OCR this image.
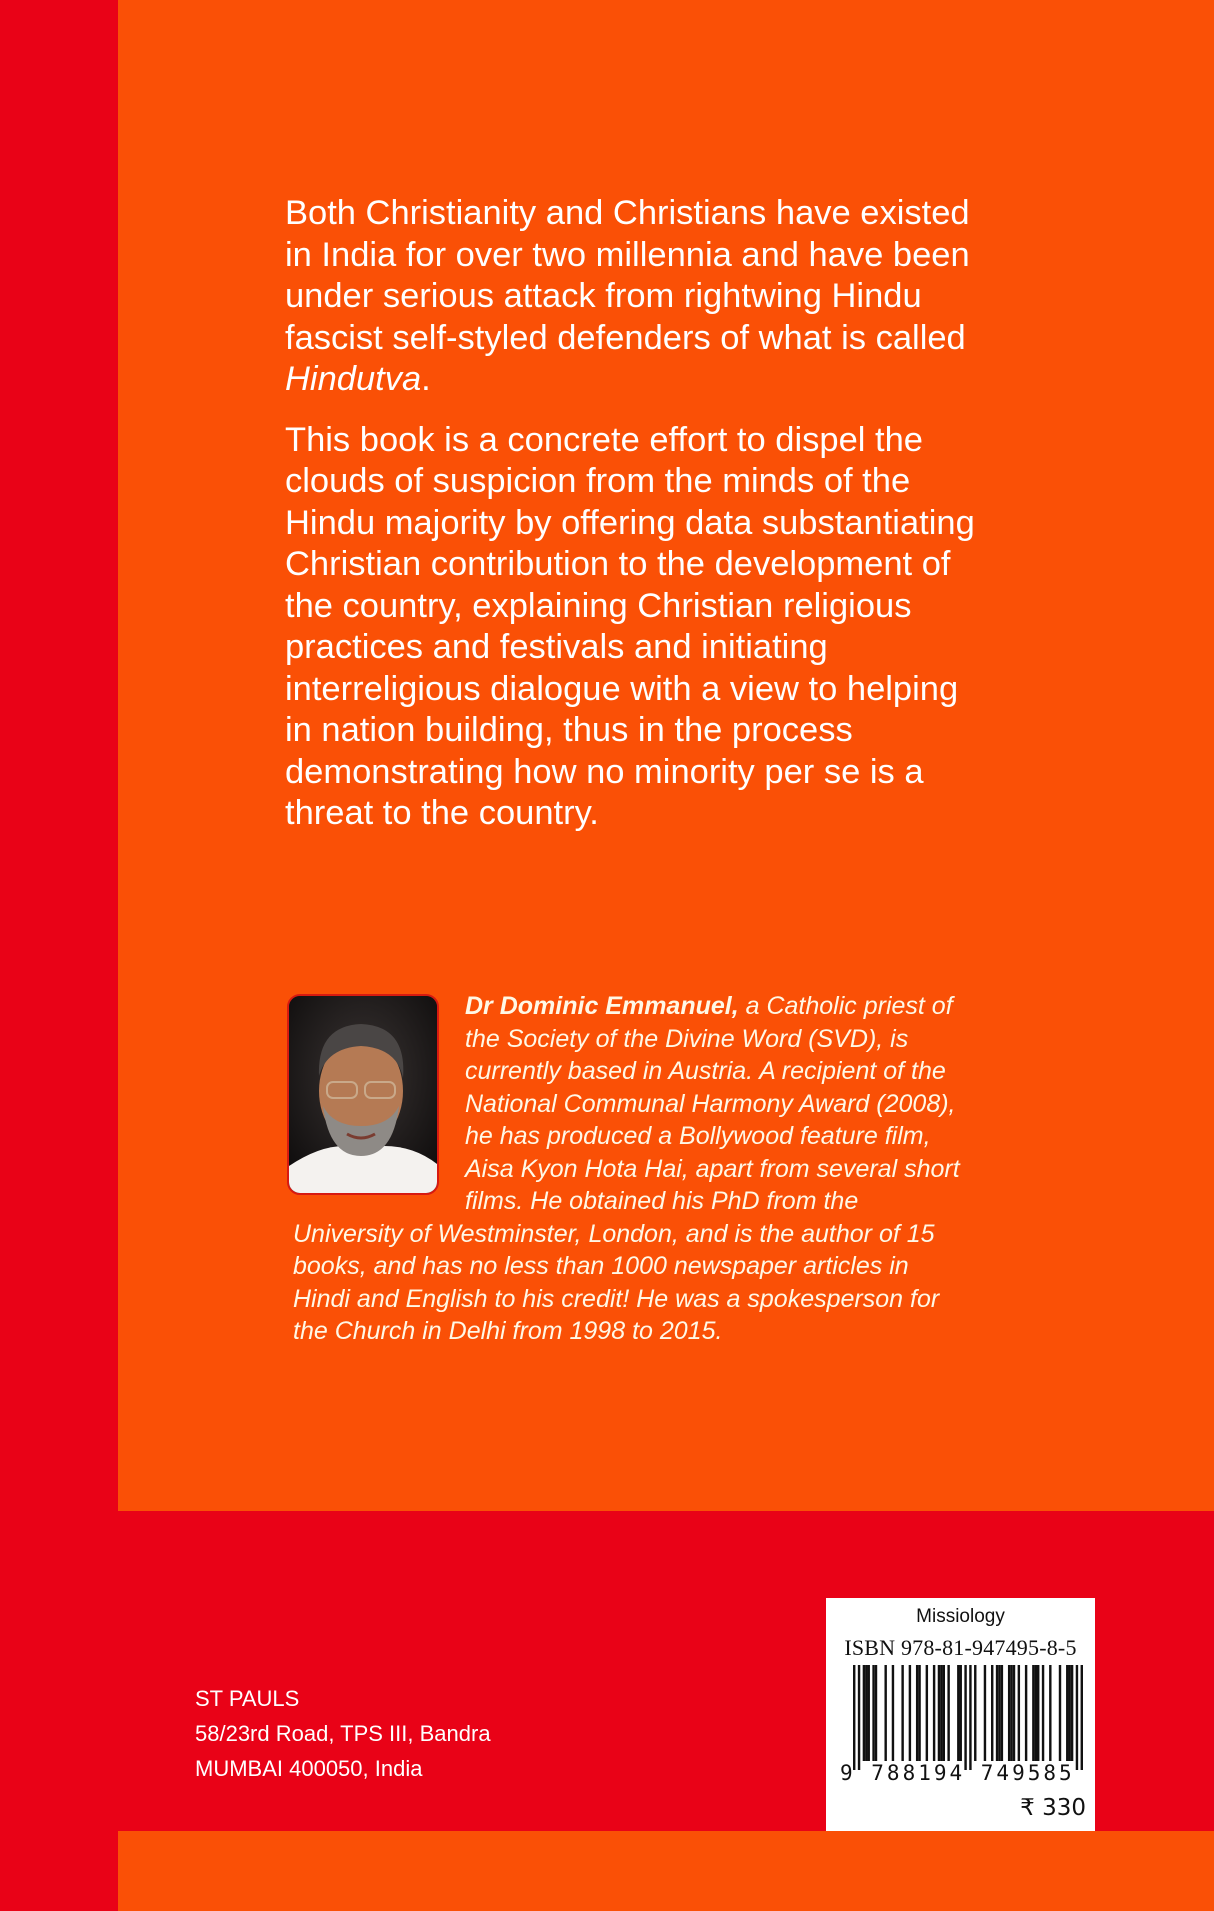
Both Christianity and Christians have existed
in India for over two millennia and have been
under serious attack from rightwing Hindu
fascist self-styled defenders of what is called
Hindutva.
This book is a concrete effort to dispel the
clouds of suspicion from the minds of the
Hindu majority by offering data substantiating
Christian contribution to the development of
the country, explaining Christian religious
practices and festivals and initiating
interreligious dialogue with a view to helping
in nation building, thus in the process
demonstrating how no minority per se is a
threat to the country.
Dr Dominic Emmanuel, a Catholic priest of
the Society of the Divine Word (SVD), is
currently based in Austria. A recipient of the
National Communal Harmony Award (2008),
he has produced a Bollywood feature film,
Aisa Kyon Hota Hai, apart from several short
films. He obtained his PhD from the
University of Westminster, London, and is the author of 15
books, and has no less than 1000 newspaper articles in
Hindi and English to his credit! He was a spokesperson for
the Church in Delhi from 1998 to 2015.
ST PAULS
58/23rd Road, TPS III, Bandra
MUMBAI 400050, India
Missiology
ISBN 978-81-947495-8-5
9 788194 749585
₹ 330
